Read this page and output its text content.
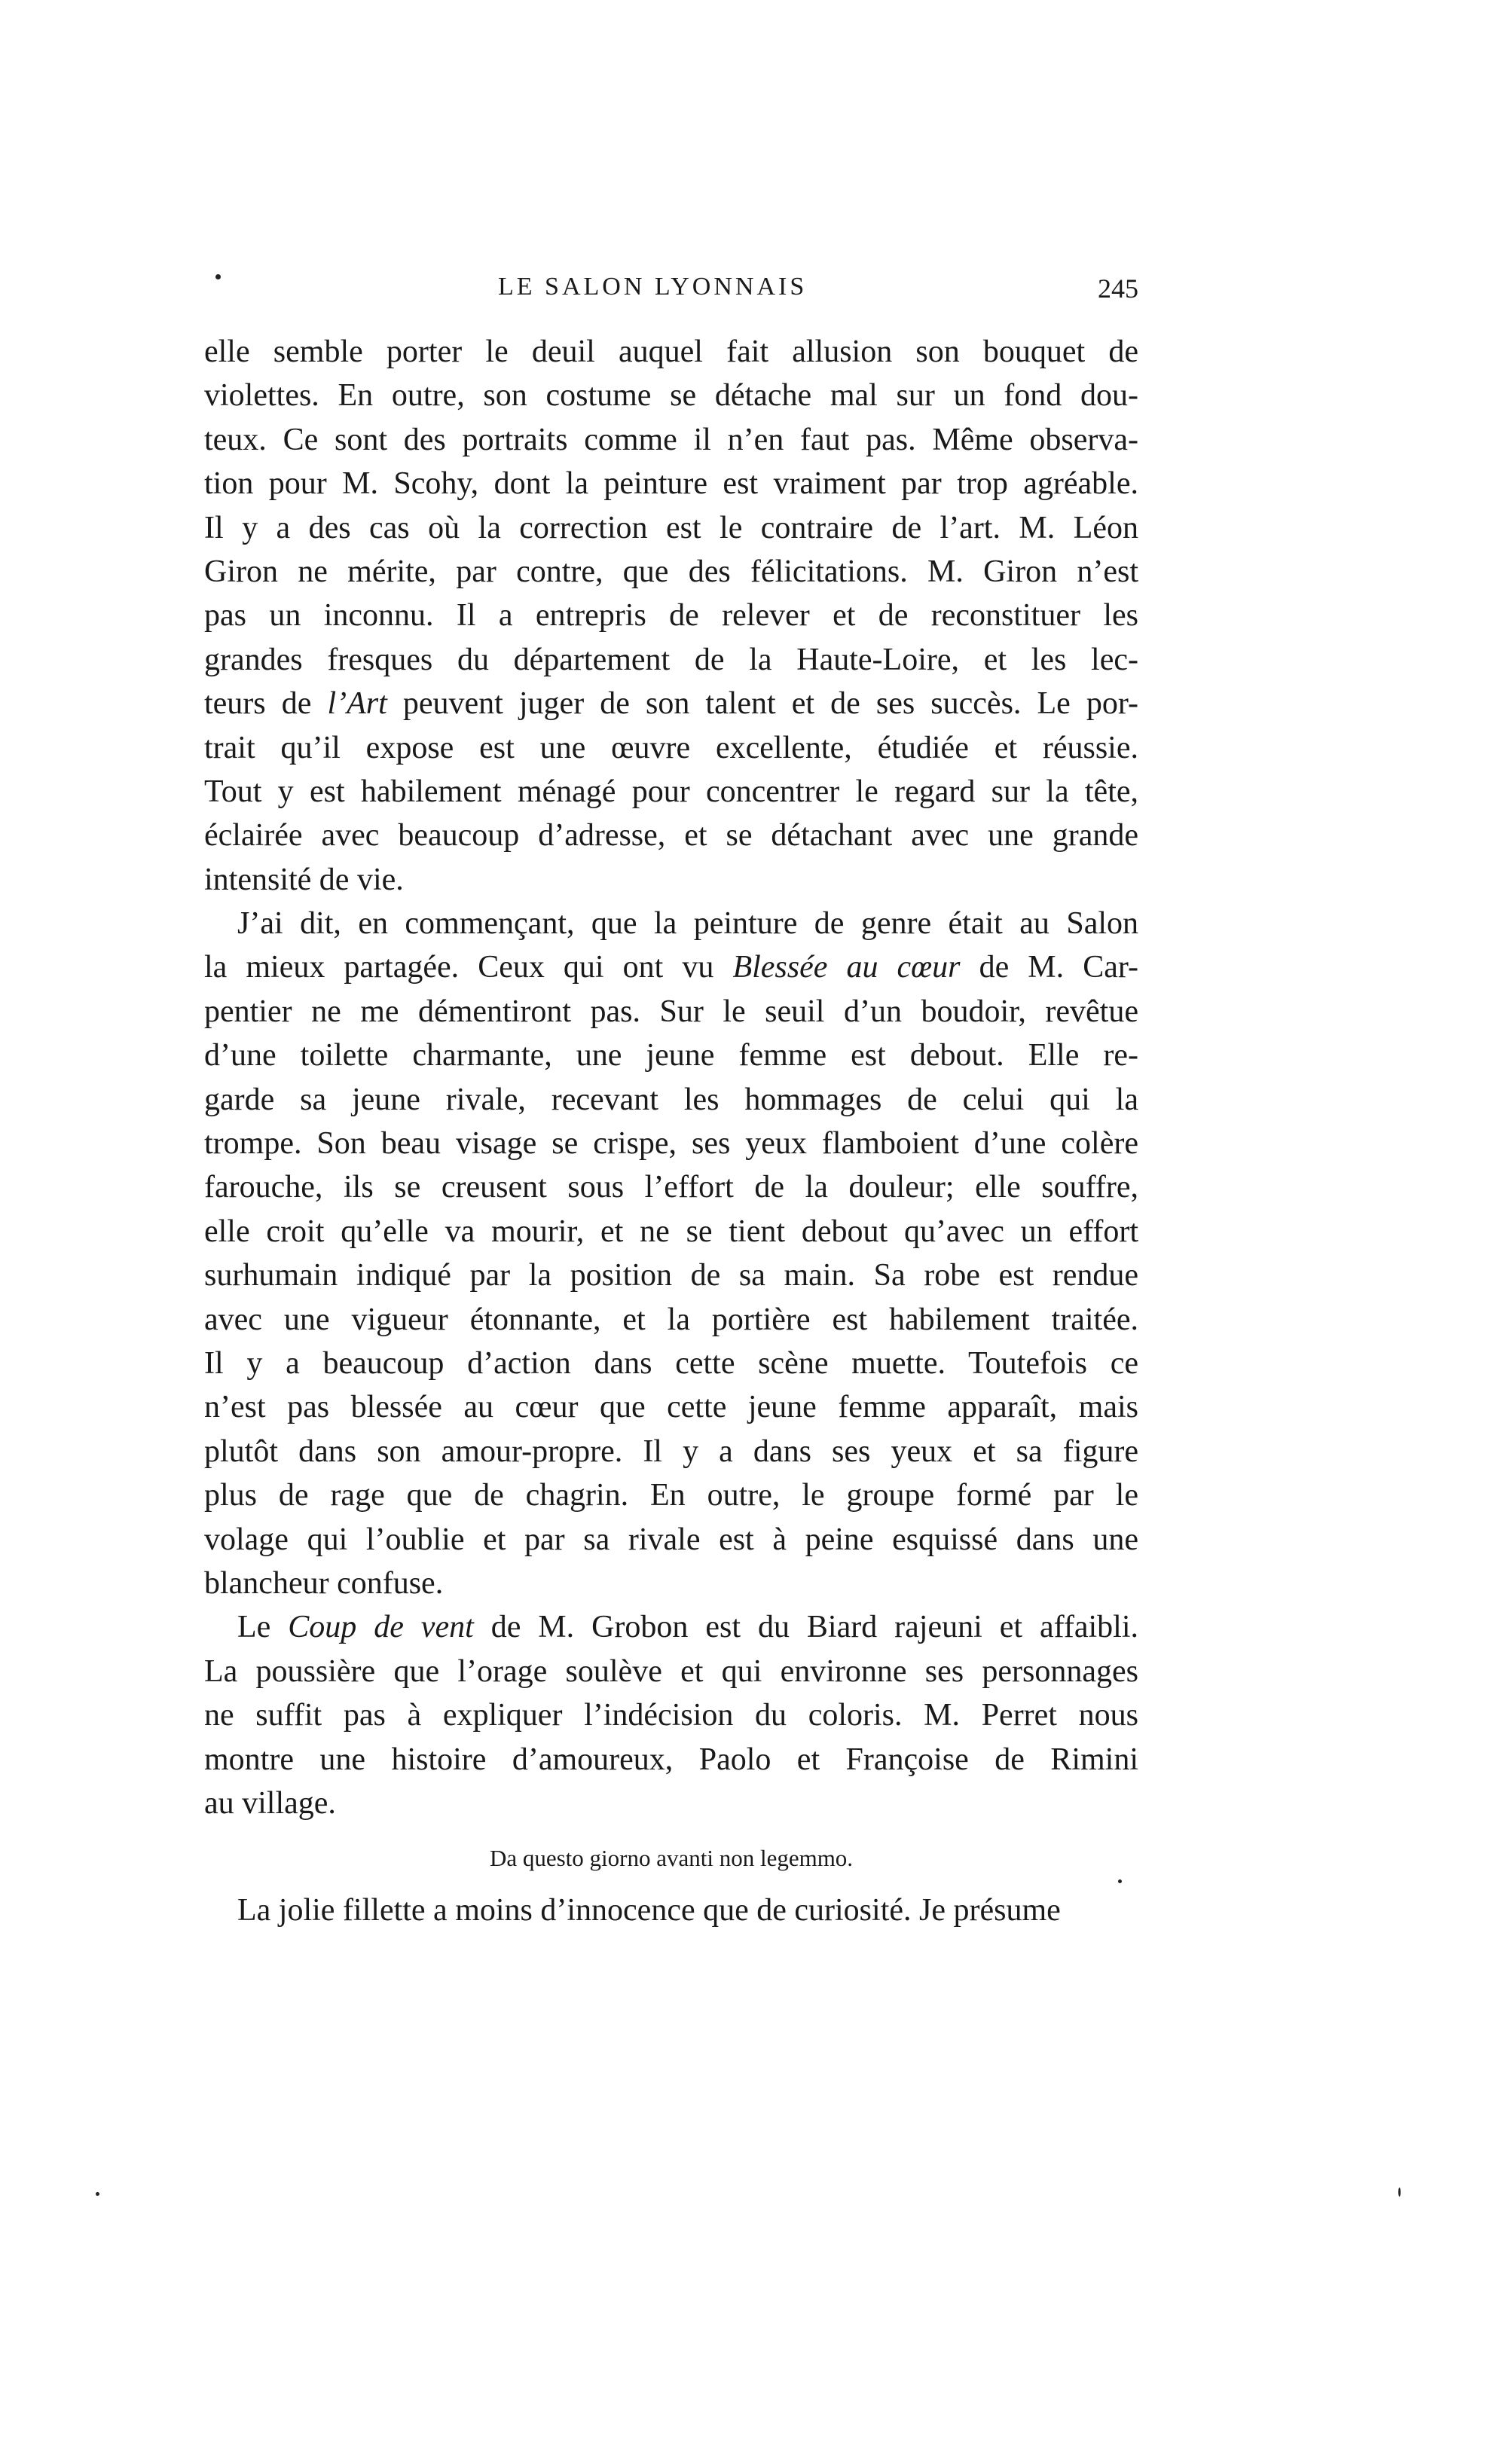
LE SALON LYONNAIS	245
elle semble porter le deuil auquel fait allusion son bouquet de
violettes. En outre, son costume se détache mal sur un fond dou-
teux. Ce sont des portraits comme il n’en faut pas. Même observa-
tion pour M. Scohy, dont la peinture est vraiment par trop agréable.
Il y a des cas où la correction est le contraire de l’art. M. Léon
Giron ne mérite, par contre, que des félicitations. M. Giron n’est
pas un inconnu. Il a entrepris de relever et de reconstituer les
grandes fresques du département de la Haute-Loire, et les lec-
teurs de l’Art peuvent juger de son talent et de ses succès. Le por-
trait qu’il expose est une œuvre excellente, étudiée et réussie.
Tout y est habilement ménagé pour concentrer le regard sur la tête,
éclairée avec beaucoup d’adresse, et se détachant avec une grande
intensité de vie.
J’ai dit, en commençant, que la peinture de genre était au Salon
la mieux partagée. Ceux qui ont vu Blessée au cœur de M. Car-
pentier ne me démentiront pas. Sur le seuil d’un boudoir, revêtue
d’une toilette charmante, une jeune femme est debout. Elle re-
garde sa jeune rivale, recevant les hommages de celui qui la
trompe. Son beau visage se crispe, ses yeux flamboient d’une colère
farouche, ils se creusent sous l’effort de la douleur; elle souffre,
elle croit qu’elle va mourir, et ne se tient debout qu’avec un effort
surhumain indiqué par la position de sa main. Sa robe est rendue
avec une vigueur étonnante, et la portière est habilement traitée.
Il y a beaucoup d’action dans cette scène muette. Toutefois ce
n’est pas blessée au cœur que cette jeune femme apparaît, mais
plutôt dans son amour-propre. Il y a dans ses yeux et sa figure
plus de rage que de chagrin. En outre, le groupe formé par le
volage qui l’oublie et par sa rivale est à peine esquissé dans une
blancheur confuse.
Le Coup de vent de M. Grobon est du Biard rajeuni et affaibli.
La poussière que l’orage soulève et qui environne ses personnages
ne suffit pas à expliquer l’indécision du coloris. M. Perret nous
montre une histoire d’amoureux, Paolo et Françoise de Rimini
au village.
Da questo giorno avanti non legemmo.
La jolie fillette a moins d’innocence que de curiosité. Je présume
